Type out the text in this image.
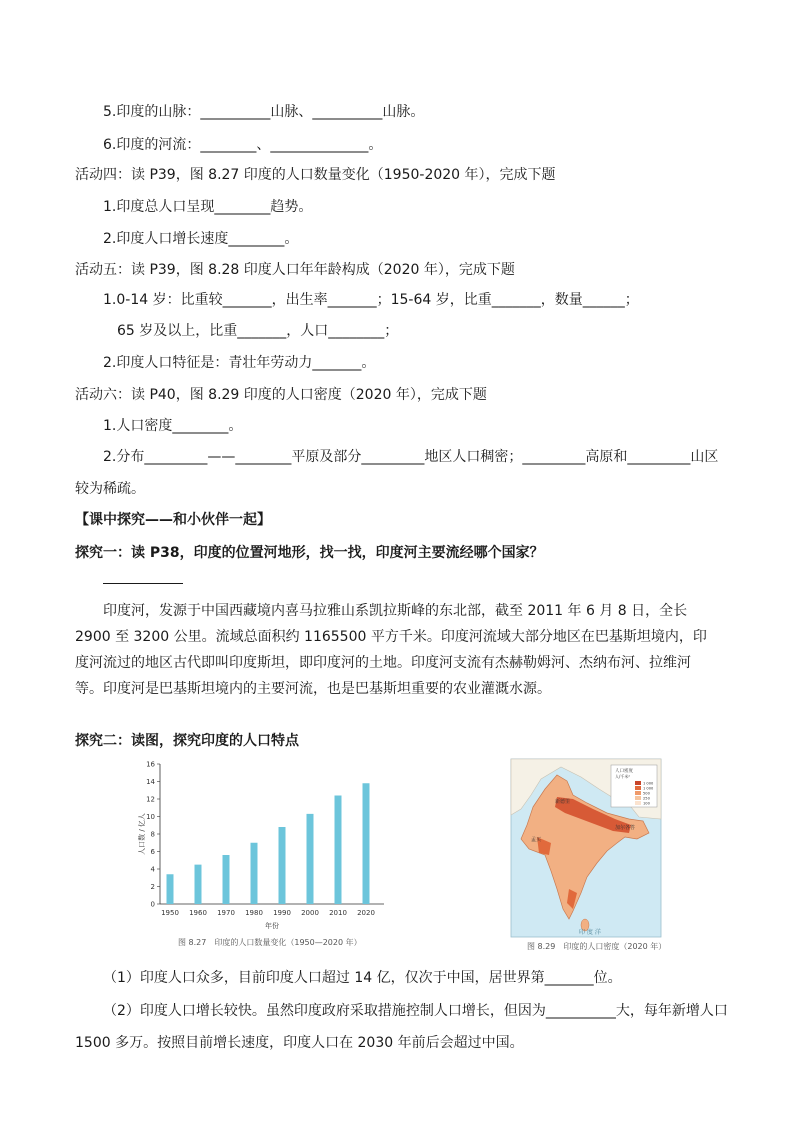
5.印度的山脉：__________山脉、__________山脉。
6.印度的河流：________、______________。
活动四：读 P39，图 8.27 印度的人口数量变化（1950-2020 年），完成下题
1.印度总人口呈现________趋势。
2.印度人口增长速度________。
活动五：读 P39，图 8.28 印度人口年年龄构成（2020 年），完成下题
1.0-14 岁：比重较_______，出生率_______；15-64 岁，比重_______，数量______；
65 岁及以上，比重_______，人口________；
2.印度人口特征是：青壮年劳动力_______。
活动六：读 P40，图 8.29 印度的人口密度（2020 年），完成下题
1.人口密度________。
2.分布_________——________平原及部分_________地区人口稠密；_________高原和_________山区
较为稀疏。
【课中探究——和小伙伴一起】
探究一：读 P38，印度的位置河地形，找一找，印度河主要流经哪个国家？
印度河，发源于中国西藏境内喜马拉雅山系凯拉斯峰的东北部，截至 2011 年 6 月 8 日，全长 2900 至 3200 公里。流域总面积约 1165500 平方千米。印度河流域大部分地区在巴基斯坦境内，印度河流过的地区古代即叫印度斯坦，即印度河的土地。印度河支流有杰赫勒姆河、杰纳布河、拉维河等。印度河是巴基斯坦境内的主要河流，也是巴基斯坦重要的农业灌溉水源。
探究二：读图，探究印度的人口特点
0
2
4
6
8
10
12
14
16
1950 1960 1970 1980 1990 2000 2010 2020
人口数 / 亿人
年份
图 8.27　印度的人口数量变化（1950—2020 年）
人口密度
人/千米²
1 000
1 000
500
250
100
新德里
孟买
加尔各答
印 度 洋
图 8.29　印度的人口密度（2020 年）
（1）印度人口众多，目前印度人口超过 14 亿，仅次于中国，居世界第_______位。
（2）印度人口增长较快。虽然印度政府采取措施控制人口增长，但因为__________大，每年新增人口
1500 多万。按照目前增长速度，印度人口在 2030 年前后会超过中国。
